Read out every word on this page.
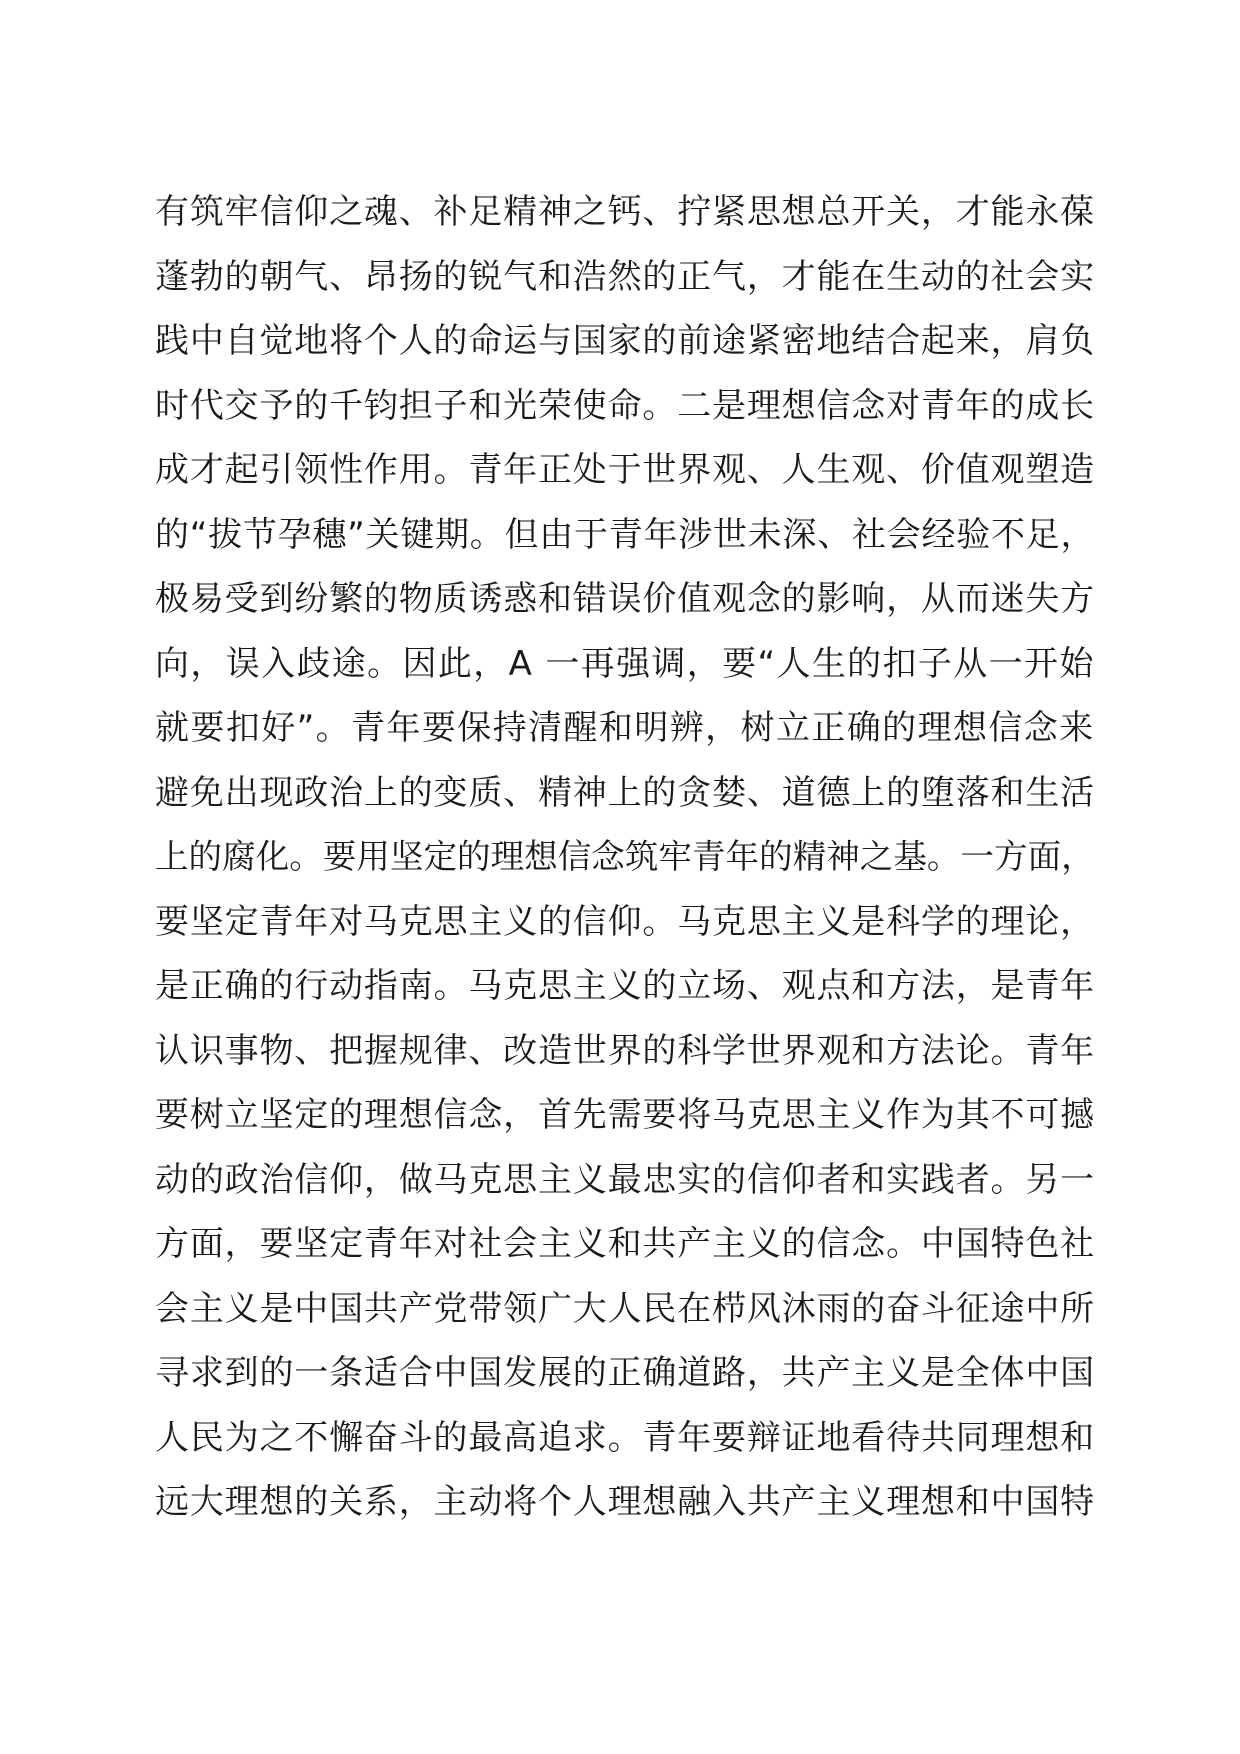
有筑牢信仰之魂、补足精神之钙、拧紧思想总开关，才能永葆
蓬勃的朝气、昂扬的锐气和浩然的正气，才能在生动的社会实
践中自觉地将个人的命运与国家的前途紧密地结合起来，肩负
时代交予的千钧担子和光荣使命。二是理想信念对青年的成长
成才起引领性作用。青年正处于世界观、人生观、价值观塑造
的“拔节孕穗”关键期。但由于青年涉世未深、社会经验不足，
极易受到纷繁的物质诱惑和错误价值观念的影响，从而迷失方
向，误入歧途。因此，A 一再强调，要“人生的扣子从一开始
就要扣好”。青年要保持清醒和明辨，树立正确的理想信念来
避免出现政治上的变质、精神上的贪婪、道德上的堕落和生活
上的腐化。要用坚定的理想信念筑牢青年的精神之基。一方面，
要坚定青年对马克思主义的信仰。马克思主义是科学的理论，
是正确的行动指南。马克思主义的立场、观点和方法，是青年
认识事物、把握规律、改造世界的科学世界观和方法论。青年
要树立坚定的理想信念，首先需要将马克思主义作为其不可撼
动的政治信仰，做马克思主义最忠实的信仰者和实践者。另一
方面，要坚定青年对社会主义和共产主义的信念。中国特色社
会主义是中国共产党带领广大人民在栉风沐雨的奋斗征途中所
寻求到的一条适合中国发展的正确道路，共产主义是全体中国
人民为之不懈奋斗的最高追求。青年要辩证地看待共同理想和
远大理想的关系，主动将个人理想融入共产主义理想和中国特
